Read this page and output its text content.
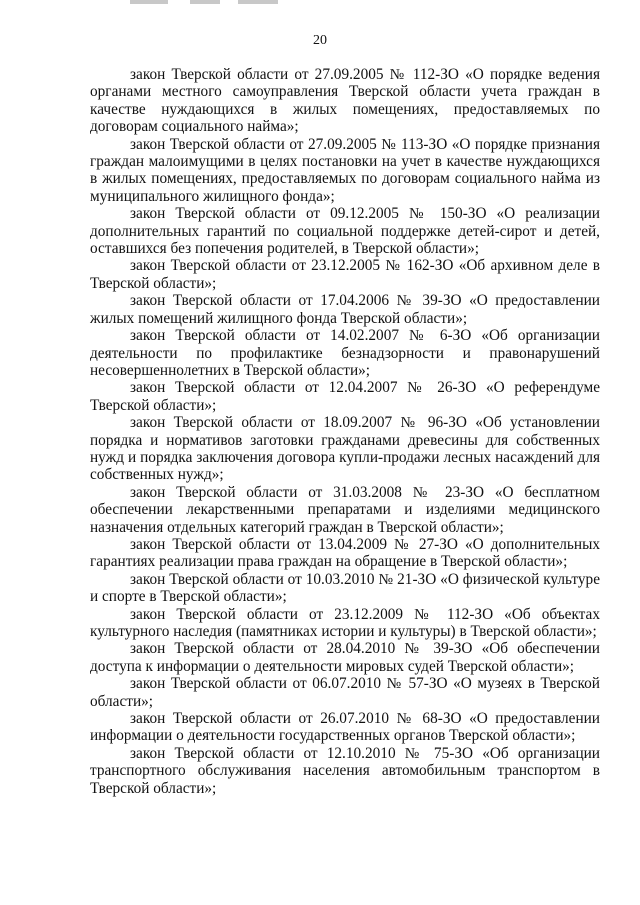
20

закон Тверской области от 27.09.2005 № 112-ЗО «О порядке ведения органами местного самоуправления Тверской области учета граждан в качестве нуждающихся в жилых помещениях, предоставляемых по договорам социального найма»;

закон Тверской области от 27.09.2005 № 113-ЗО «О порядке признания граждан малоимущими в целях постановки на учет в качестве нуждающихся в жилых помещениях, предоставляемых по договорам социального найма из муниципального жилищного фонда»;

закон Тверской области от 09.12.2005 № 150-ЗО «О реализации дополнительных гарантий по социальной поддержке детей-сирот и детей, оставшихся без попечения родителей, в Тверской области»;

закон Тверской области от 23.12.2005 № 162-ЗО «Об архивном деле в Тверской области»;

закон Тверской области от 17.04.2006 № 39-ЗО «О предоставлении жилых помещений жилищного фонда Тверской области»;

закон Тверской области от 14.02.2007 № 6-ЗО «Об организации деятельности по профилактике безнадзорности и правонарушений несовершеннолетних в Тверской области»;

закон Тверской области от 12.04.2007 № 26-ЗО «О референдуме Тверской области»;

закон Тверской области от 18.09.2007 № 96-ЗО «Об установлении порядка и нормативов заготовки гражданами древесины для собственных нужд и порядка заключения договора купли-продажи лесных насаждений для собственных нужд»;

закон Тверской области от 31.03.2008 № 23-ЗО «О бесплатном обеспечении лекарственными препаратами и изделиями медицинского назначения отдельных категорий граждан в Тверской области»;

закон Тверской области от 13.04.2009 № 27-ЗО «О дополнительных гарантиях реализации права граждан на обращение в Тверской области»;

закон Тверской области от 10.03.2010 № 21-ЗО «О физической культуре и спорте в Тверской области»;

закон Тверской области от 23.12.2009 № 112-ЗО «Об объектах культурного наследия (памятниках истории и культуры) в Тверской области»;

закон Тверской области от 28.04.2010 № 39-ЗО «Об обеспечении доступа к информации о деятельности мировых судей Тверской области»;

закон Тверской области от 06.07.2010 № 57-ЗО «О музеях в Тверской области»;

закон Тверской области от 26.07.2010 № 68-ЗО «О предоставлении информации о деятельности государственных органов Тверской области»;

закон Тверской области от 12.10.2010 № 75-ЗО «Об организации транспортного обслуживания населения автомобильным транспортом в Тверской области»;
